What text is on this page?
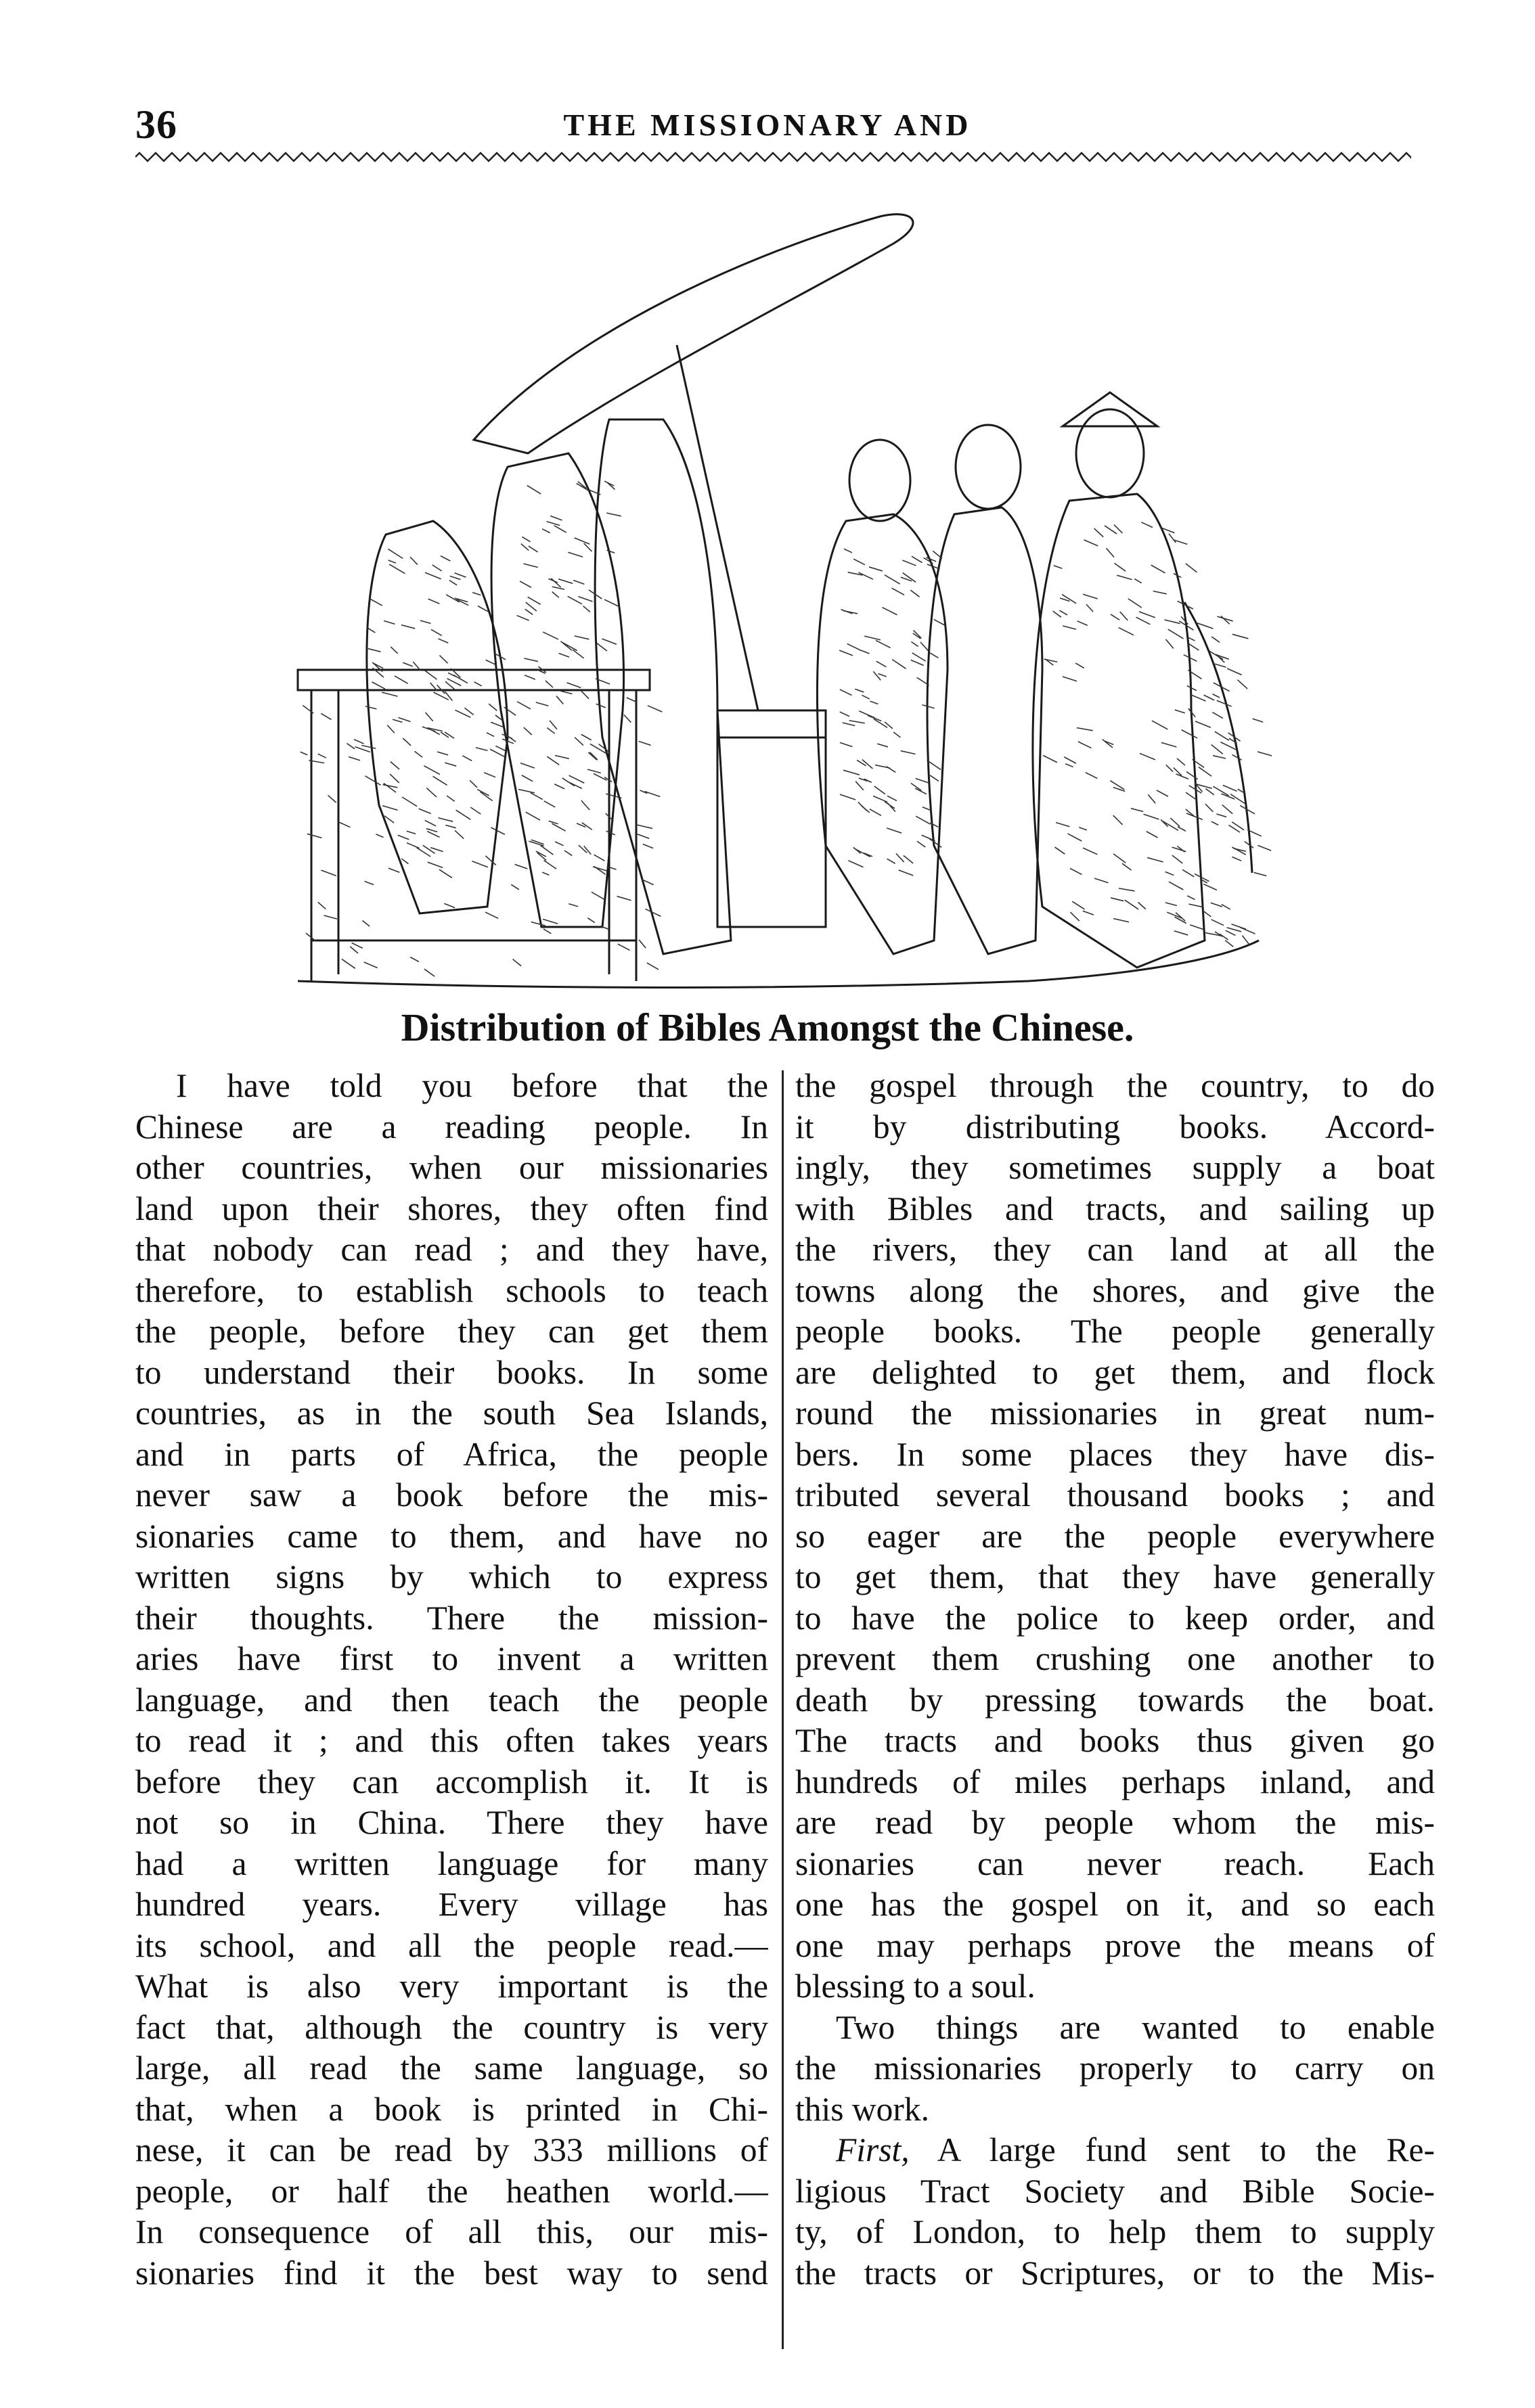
36	THE MISSIONARY AND
Distribution of Bibles Amongst the Chinese.
I have told you before that the
Chinese are a reading people. In
other countries, when our missionaries
land upon their shores, they often find
that nobody can read ; and they have,
therefore, to establish schools to teach
the people, before they can get them
to understand their books. In some
countries, as in the south Sea Islands,
and in parts of Africa, the people
never saw a book before the mis-
sionaries came to them, and have no
written signs by which to express
their thoughts. There the mission-
aries have first to invent a written
language, and then teach the people
to read it ; and this often takes years
before they can accomplish it. It is
not so in China. There they have
had a written language for many
hundred years. Every village has
its school, and all the people read.—
What is also very important is the
fact that, although the country is very
large, all read the same language, so
that, when a book is printed in Chi-
nese, it can be read by 333 millions of
people, or half the heathen world.—
In consequence of all this, our mis-
sionaries find it the best way to send
the gospel through the country, to do
it by distributing books. Accord-
ingly, they sometimes supply a boat
with Bibles and tracts, and sailing up
the rivers, they can land at all the
towns along the shores, and give the
people books. The people generally
are delighted to get them, and flock
round the missionaries in great num-
bers. In some places they have dis-
tributed several thousand books ; and
so eager are the people everywhere
to get them, that they have generally
to have the police to keep order, and
prevent them crushing one another to
death by pressing towards the boat.
The tracts and books thus given go
hundreds of miles perhaps inland, and
are read by people whom the mis-
sionaries can never reach. Each
one has the gospel on it, and so each
one may perhaps prove the means of
blessing to a soul.
Two things are wanted to enable
the missionaries properly to carry on
this work.
First, A large fund sent to the Re-
ligious Tract Society and Bible Socie-
ty, of London, to help them to supply
the tracts or Scriptures, or to the Mis-
